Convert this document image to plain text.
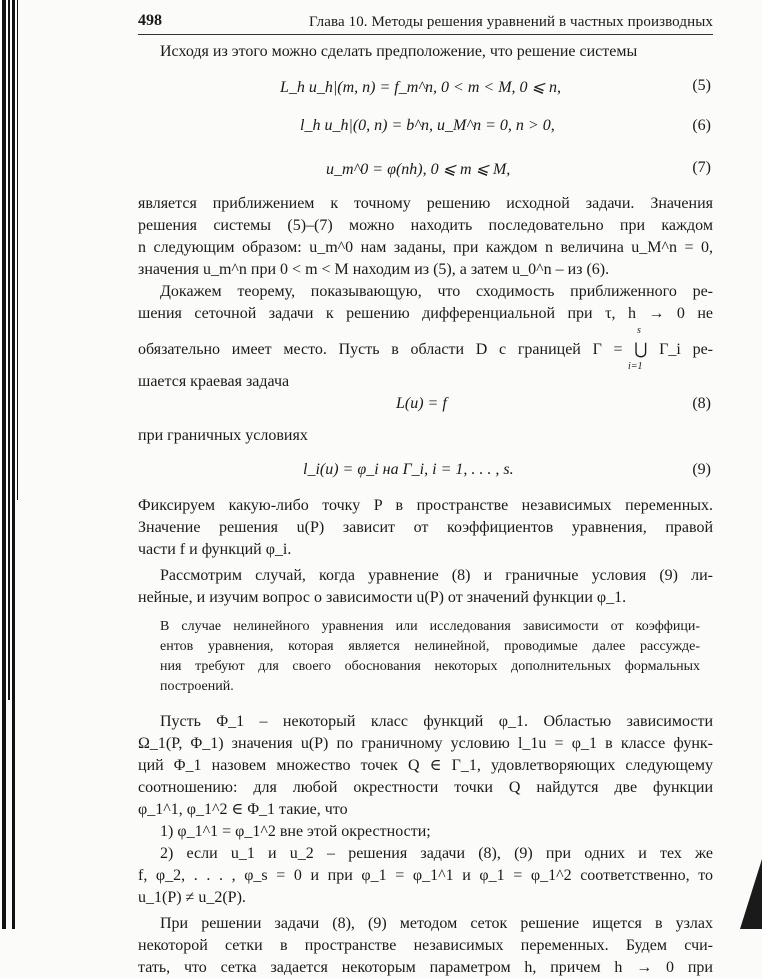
498	Глава 10. Методы решения уравнений в частных производных
Исходя из этого можно сделать предположение, что решение системы
L_h u_h|(m, n) = f_m^n, 0 < m < M, 0 ⩽ n,	(5)
l_h u_h|(0, n) = b^n, u_M^n = 0, n > 0,	(6)
u_m^0 = φ(nh), 0 ⩽ m ⩽ M,	(7)
является приближением к точному решению исходной задачи. Значения
решения системы (5)–(7) можно находить последовательно при каждом
n следующим образом: u_m^0 нам заданы, при каждом n величина u_M^n = 0,
значения u_m^n при 0 < m < M находим из (5), а затем u_0^n – из (6).
Докажем теорему, показывающую, что сходимость приближенного ре-
шения сеточной задачи к решению дифференциальной при τ, h → 0 не
обязательно имеет место. Пусть в области D с границей Γ = ⋃ Γ_i ре-
s
i=1
шается краевая задача
L(u) = f	(8)
при граничных условиях
l_i(u) = φ_i на Γ_i, i = 1, . . . , s.	(9)
Фиксируем какую-либо точку P в пространстве независимых переменных.
Значение решения u(P) зависит от коэффициентов уравнения, правой
части f и функций φ_i.
Рассмотрим случай, когда уравнение (8) и граничные условия (9) ли-
нейные, и изучим вопрос о зависимости u(P) от значений функции φ_1.
В случае нелинейного уравнения или исследования зависимости от коэффици-
ентов уравнения, которая является нелинейной, проводимые далее рассужде-
ния требуют для своего обоснования некоторых дополнительных формальных
построений.
Пусть Φ_1 – некоторый класс функций φ_1. Областью зависимости
Ω_1(P, Φ_1) значения u(P) по граничному условию l_1u = φ_1 в классе функ-
ций Φ_1 назовем множество точек Q ∈ Γ_1, удовлетворяющих следующему
соотношению: для любой окрестности точки Q найдутся две функции
φ_1^1, φ_1^2 ∈ Φ_1 такие, что
1) φ_1^1 = φ_1^2 вне этой окрестности;
2) если u_1 и u_2 – решения задачи (8), (9) при одних и тех же
f, φ_2, . . . , φ_s = 0 и при φ_1 = φ_1^1 и φ_1 = φ_1^2 соответственно, то
u_1(P) ≠ u_2(P).
При решении задачи (8), (9) методом сеток решение ищется в узлах
некоторой сетки в пространстве независимых переменных. Будем счи-
тать, что сетка задается некоторым параметром h, причем h → 0 при
